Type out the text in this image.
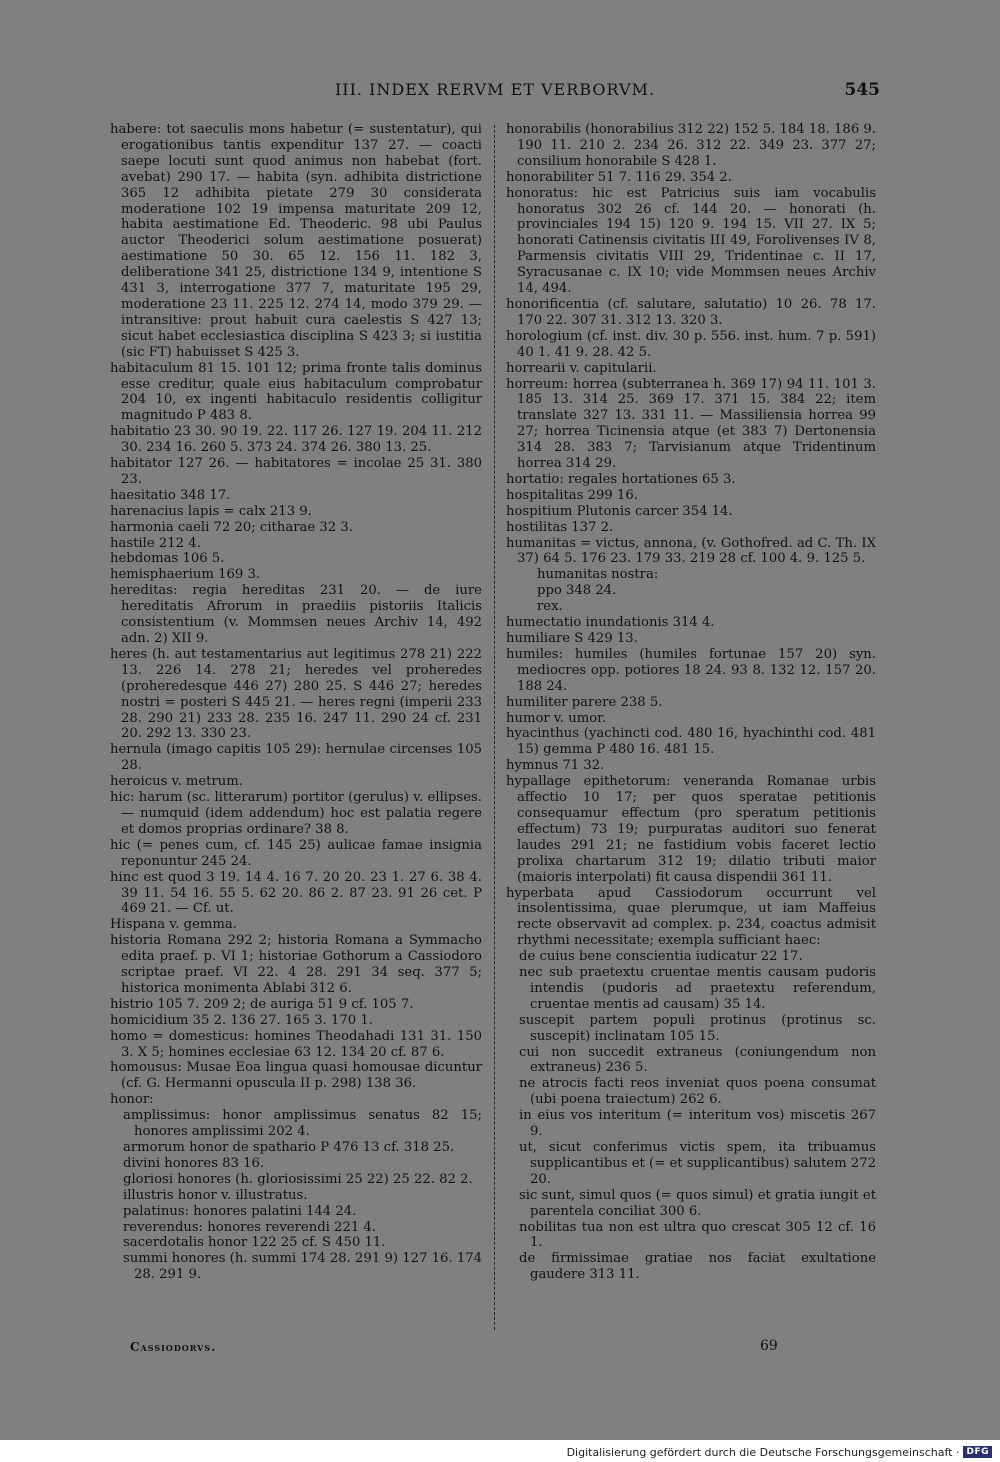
III. INDEX RERVM ET VERBORVM.	545

habere: tot saeculis mons habetur (= sustentatur), qui erogationibus tantis expenditur 137 27. — coacti saepe locuti sunt quod animus non habebat (fort. avebat) 290 17. — habita (syn. adhibita districtione 365 12 adhibita pietate 279 30 considerata moderatione 102 19 impensa maturitate 209 12, habita aestimatione Ed. Theoderic. 98 ubi Paulus auctor Theoderici solum aestimatione posuerat) aestimatione 50 30. 65 12. 156 11. 182 3, deliberatione 341 25, districtione 134 9, intentione S 431 3, interrogatione 377 7, maturitate 195 29, moderatione 23 11. 225 12. 274 14, modo 379 29. — intransitive: prout habuit cura caelestis S 427 13; sicut habet ecclesiastica disciplina S 423 3; si iustitia (sic FT) habuisset S 425 3.

habitaculum 81 15. 101 12; prima fronte talis dominus esse creditur, quale eius habitaculum comprobatur 204 10, ex ingenti habitaculo residentis colligitur magnitudo P 483 8.

habitatio 23 30. 90 19. 22. 117 26. 127 19. 204 11. 212 30. 234 16. 260 5. 373 24. 374 26. 380 13. 25.

habitator 127 26. — habitatores = incolae 25 31. 380 23.

haesitatio 348 17.

harenacius lapis = calx 213 9.

harmonia caeli 72 20; citharae 32 3.

hastile 212 4.

hebdomas 106 5.

hemisphaerium 169 3.

hereditas: regia hereditas 231 20. — de iure hereditatis Afrorum in praediis pistoriis Italicis consistentium (v. Mommsen neues Archiv 14, 492 adn. 2) XII 9.

heres (h. aut testamentarius aut legitimus 278 21) 222 13. 226 14. 278 21; heredes vel proheredes (proheredesque 446 27) 280 25. S 446 27; heredes nostri = posteri S 445 21. — heres regni (imperii 233 28. 290 21) 233 28. 235 16. 247 11. 290 24 cf. 231 20. 292 13. 330 23.

hernula (imago capitis 105 29): hernulae circenses 105 28.

heroicus v. metrum.

hic: harum (sc. litterarum) portitor (gerulus) v. ellipses. — numquid (idem addendum) hoc est palatia regere et domos proprias ordinare? 38 8.

hic (= penes cum, cf. 145 25) aulicae famae insignia reponuntur 245 24.

hinc est quod 3 19. 14 4. 16 7. 20 20. 23 1. 27 6. 38 4. 39 11. 54 16. 55 5. 62 20. 86 2. 87 23. 91 26 cet. P 469 21. — Cf. ut.

Hispana v. gemma.

historia Romana 292 2; historia Romana a Symmacho edita praef. p. VI 1; historiae Gothorum a Cassiodoro scriptae praef. VI 22. 4 28. 291 34 seq. 377 5; historica monimenta Ablabi 312 6.

histrio 105 7. 209 2; de auriga 51 9 cf. 105 7.

homicidium 35 2. 136 27. 165 3. 170 1.

homo = domesticus: homines Theodahadi 131 31. 150 3. X 5; homines ecclesiae 63 12. 134 20 cf. 87 6.

homousus: Musae Eoa lingua quasi homousae dicuntur (cf. G. Hermanni opuscula II p. 298) 138 36.

honor:

amplissimus: honor amplissimus senatus 82 15; honores amplissimi 202 4.

armorum honor de spathario P 476 13 cf. 318 25.

divini honores 83 16.

gloriosi honores (h. gloriosissimi 25 22) 25 22. 82 2.

illustris honor v. illustratus.

palatinus: honores palatini 144 24.

reverendus: honores reverendi 221 4.

sacerdotalis honor 122 25 cf. S 450 11.

summi honores (h. summi 174 28. 291 9) 127 16. 174 28. 291 9.

honorabilis (honorabilius 312 22) 152 5. 184 18. 186 9. 190 11. 210 2. 234 26. 312 22. 349 23. 377 27; consilium honorabile S 428 1.

honorabiliter 51 7. 116 29. 354 2.

honoratus: hic est Patricius suis iam vocabulis honoratus 302 26 cf. 144 20. — honorati (h. provinciales 194 15) 120 9. 194 15. VII 27. IX 5; honorati Catinensis civitatis III 49, Forolivenses IV 8, Parmensis civitatis VIII 29, Tridentinae c. II 17, Syracusanae c. IX 10; vide Mommsen neues Archiv 14, 494.

honorificentia (cf. salutare, salutatio) 10 26. 78 17. 170 22. 307 31. 312 13. 320 3.

horologium (cf. inst. div. 30 p. 556. inst. hum. 7 p. 591) 40 1. 41 9. 28. 42 5.

horrearii v. capitularii.

horreum: horrea (subterranea h. 369 17) 94 11. 101 3. 185 13. 314 25. 369 17. 371 15. 384 22; item translate 327 13. 331 11. — Massiliensia horrea 99 27; horrea Ticinensia atque (et 383 7) Dertonensia 314 28. 383 7; Tarvisianum atque Tridentinum horrea 314 29.

hortatio: regales hortationes 65 3.

hospitalitas 299 16.

hospitium Plutonis carcer 354 14.

hostilitas 137 2.

humanitas = victus, annona, (v. Gothofred. ad C. Th. IX 37) 64 5. 176 23. 179 33. 219 28 cf. 100 4. 9. 125 5.

humanitas nostra:

ppo 348 24.

rex.

humectatio inundationis 314 4.

humiliare S 429 13.

humiles: humiles (humiles fortunae 157 20) syn. mediocres opp. potiores 18 24. 93 8. 132 12. 157 20. 188 24.

humiliter parere 238 5.

humor v. umor.

hyacinthus (yachincti cod. 480 16, hyachinthi cod. 481 15) gemma P 480 16. 481 15.

hymnus 71 32.

hypallage epithetorum: veneranda Romanae urbis affectio 10 17; per quos speratae petitionis consequamur effectum (pro speratum petitionis effectum) 73 19; purpuratas auditori suo fenerat laudes 291 21; ne fastidium vobis faceret lectio prolixa chartarum 312 19; dilatio tributi maior (maioris interpolati) fit causa dispendii 361 11.

hyperbata apud Cassiodorum occurrunt vel insolentissima, quae plerumque, ut iam Maffeius recte observavit ad complex. p. 234, coactus admisit rhythmi necessitate; exempla sufficiant haec:

de cuius bene conscientia iudicatur 22 17.

nec sub praetextu cruentae mentis causam pudoris intendis (pudoris ad praetextu referendum, cruentae mentis ad causam) 35 14.

suscepit partem populi protinus (protinus sc. suscepit) inclinatam 105 15.

cui non succedit extraneus (coniungendum non extraneus) 236 5.

ne atrocis facti reos inveniat quos poena consumat (ubi poena traiectum) 262 6.

in eius vos interitum (= interitum vos) miscetis 267 9.

ut, sicut conferimus victis spem, ita tribuamus supplicantibus et (= et supplicantibus) salutem 272 20.

sic sunt, simul quos (= quos simul) et gratia iungit et parentela conciliat 300 6.

nobilitas tua non est ultra quo crescat 305 12 cf. 16 1.

de firmissimae gratiae nos faciat exultatione gaudere 313 11.

Cassiodorvs.	69
Digitalisierung gefördert durch die Deutsche Forschungsgemeinschaft · DFG
